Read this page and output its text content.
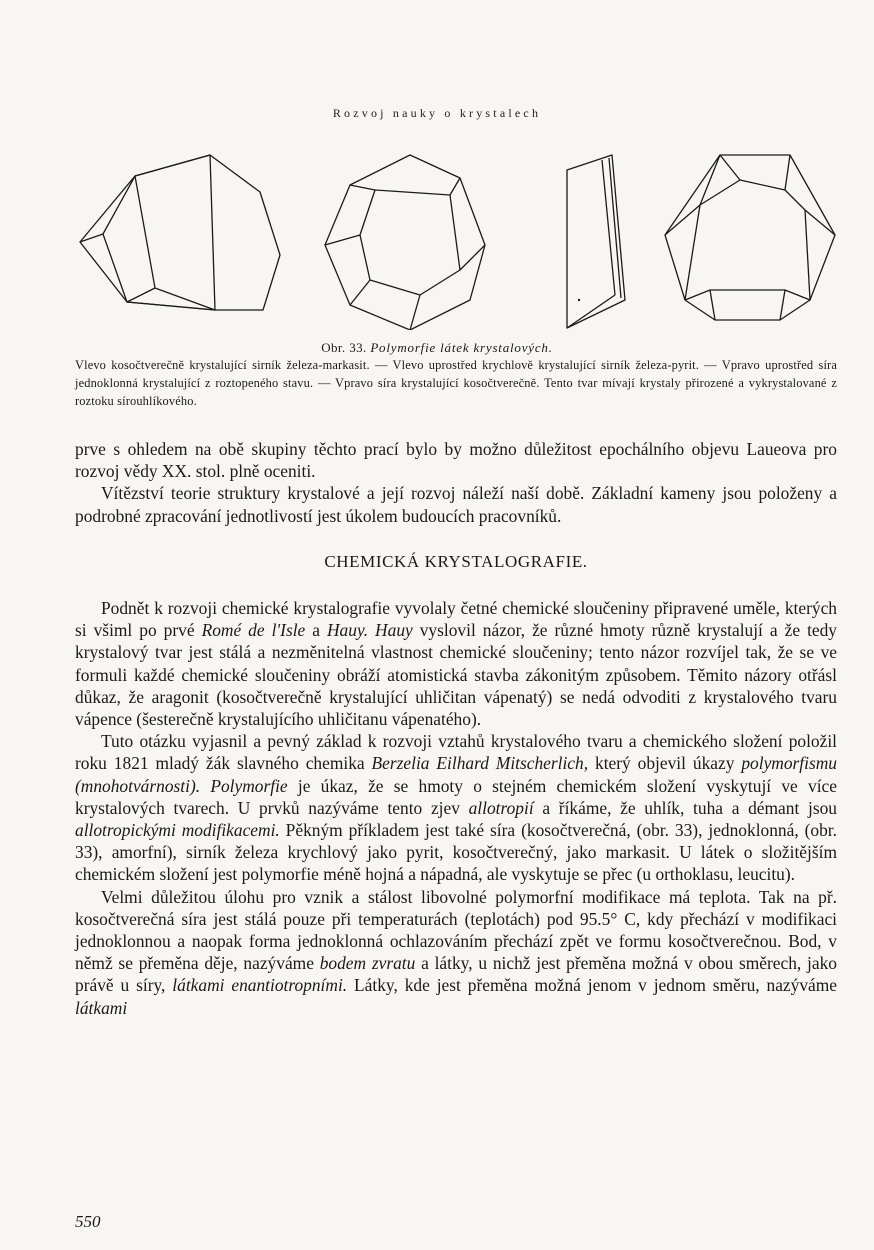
Rozvoj nauky o krystalech
Obr. 33. Polymorfie látek krystalových.
Vlevo kosočtverečně krystalující sirník železa-markasit. — Vlevo uprostřed krychlově krystalující sirník železa-pyrit. — Vpravo uprostřed síra jednoklonná krystalující z roztopeného stavu. — Vpravo síra krystalující kosočtverečně. Tento tvar mívají krystaly přirozené a vykrystalované z roztoku sírouhlíkového.

prve s ohledem na obě skupiny těchto prací bylo by možno důležitost epochálního objevu Laueova pro rozvoj vědy XX. stol. plně oceniti.

Vítězství teorie struktury krystalové a její rozvoj náleží naší době. Základní kameny jsou položeny a podrobné zpracování jednotlivostí jest úkolem budoucích pracovníků.

CHEMICKÁ KRYSTALOGRAFIE.

Podnět k rozvoji chemické krystalografie vyvolaly četné chemické sloučeniny připravené uměle, kterých si všiml po prvé Romé de l'Isle a Hauy. Hauy vyslovil názor, že různé hmoty různě krystalují a že tedy krystalový tvar jest stálá a nezměnitelná vlastnost chemické sloučeniny; tento názor rozvíjel tak, že se ve formuli každé chemické sloučeniny obráží atomistická stavba zákonitým způsobem. Těmito názory otřásl důkaz, že aragonit (kosočtverečně krystalující uhličitan vápenatý) se nedá odvoditi z krystalového tvaru vápence (šesterečně krystalujícího uhličitanu vápenatého).

Tuto otázku vyjasnil a pevný základ k rozvoji vztahů krystalového tvaru a chemického složení položil roku 1821 mladý žák slavného chemika Berzelia Eilhard Mitscherlich, který objevil úkazy polymorfismu (mnohotvárnosti). Polymorfie je úkaz, že se hmoty o stejném chemickém složení vyskytují ve více krystalových tvarech. U prvků nazýváme tento zjev allotropií a říkáme, že uhlík, tuha a démant jsou allotropickými modifikacemi. Pěkným příkladem jest také síra (kosočtverečná, (obr. 33), jednoklonná, (obr. 33), amorfní), sirník železa krychlový jako pyrit, kosočtverečný, jako markasit. U látek o složitějším chemickém složení jest polymorfie méně hojná a nápadná, ale vyskytuje se přec (u orthoklasu, leucitu).

Velmi důležitou úlohu pro vznik a stálost libovolné polymorfní modifikace má teplota. Tak na př. kosočtverečná síra jest stálá pouze při temperaturách (teplotách) pod 95.5° C, kdy přechází v modifikaci jednoklonnou a naopak forma jednoklonná ochlazováním přechází zpět ve formu kosočtverečnou. Bod, v němž se přeměna děje, nazýváme bodem zvratu a látky, u nichž jest přeměna možná v obou směrech, jako právě u síry, látkami enantiotropními. Látky, kde jest přeměna možná jenom v jednom směru, nazýváme látkami

550
